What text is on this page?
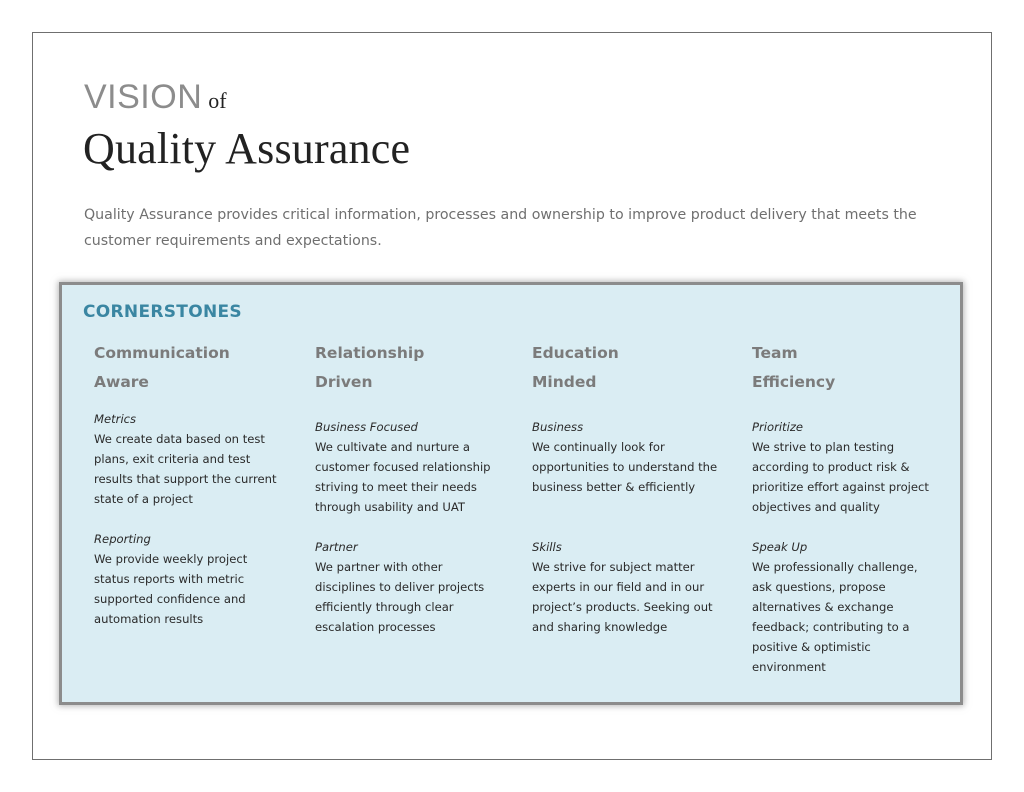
VISION of
Quality Assurance
Quality Assurance provides critical information, processes and ownership to improve product delivery that meets the customer requirements and expectations.
CORNERSTONES
Communication
Aware
Metrics
We create data based on test plans, exit criteria and test results that support the current state of a project
Reporting
We provide weekly project status reports with metric supported confidence and automation results
Relationship
Driven
Business Focused
We cultivate and nurture a customer focused relationship striving to meet their needs through usability and UAT
Partner
We partner with other disciplines to deliver projects efficiently through clear escalation processes
Education
Minded
Business
We continually look for opportunities to understand the business better & efficiently
Skills
We strive for subject matter experts in our field and in our project’s products. Seeking out and sharing knowledge
Team
Efficiency
Prioritize
We strive to plan testing according to product risk & prioritize effort against project objectives and quality
Speak Up
We professionally challenge, ask questions, propose alternatives & exchange feedback; contributing to a positive & optimistic environment
